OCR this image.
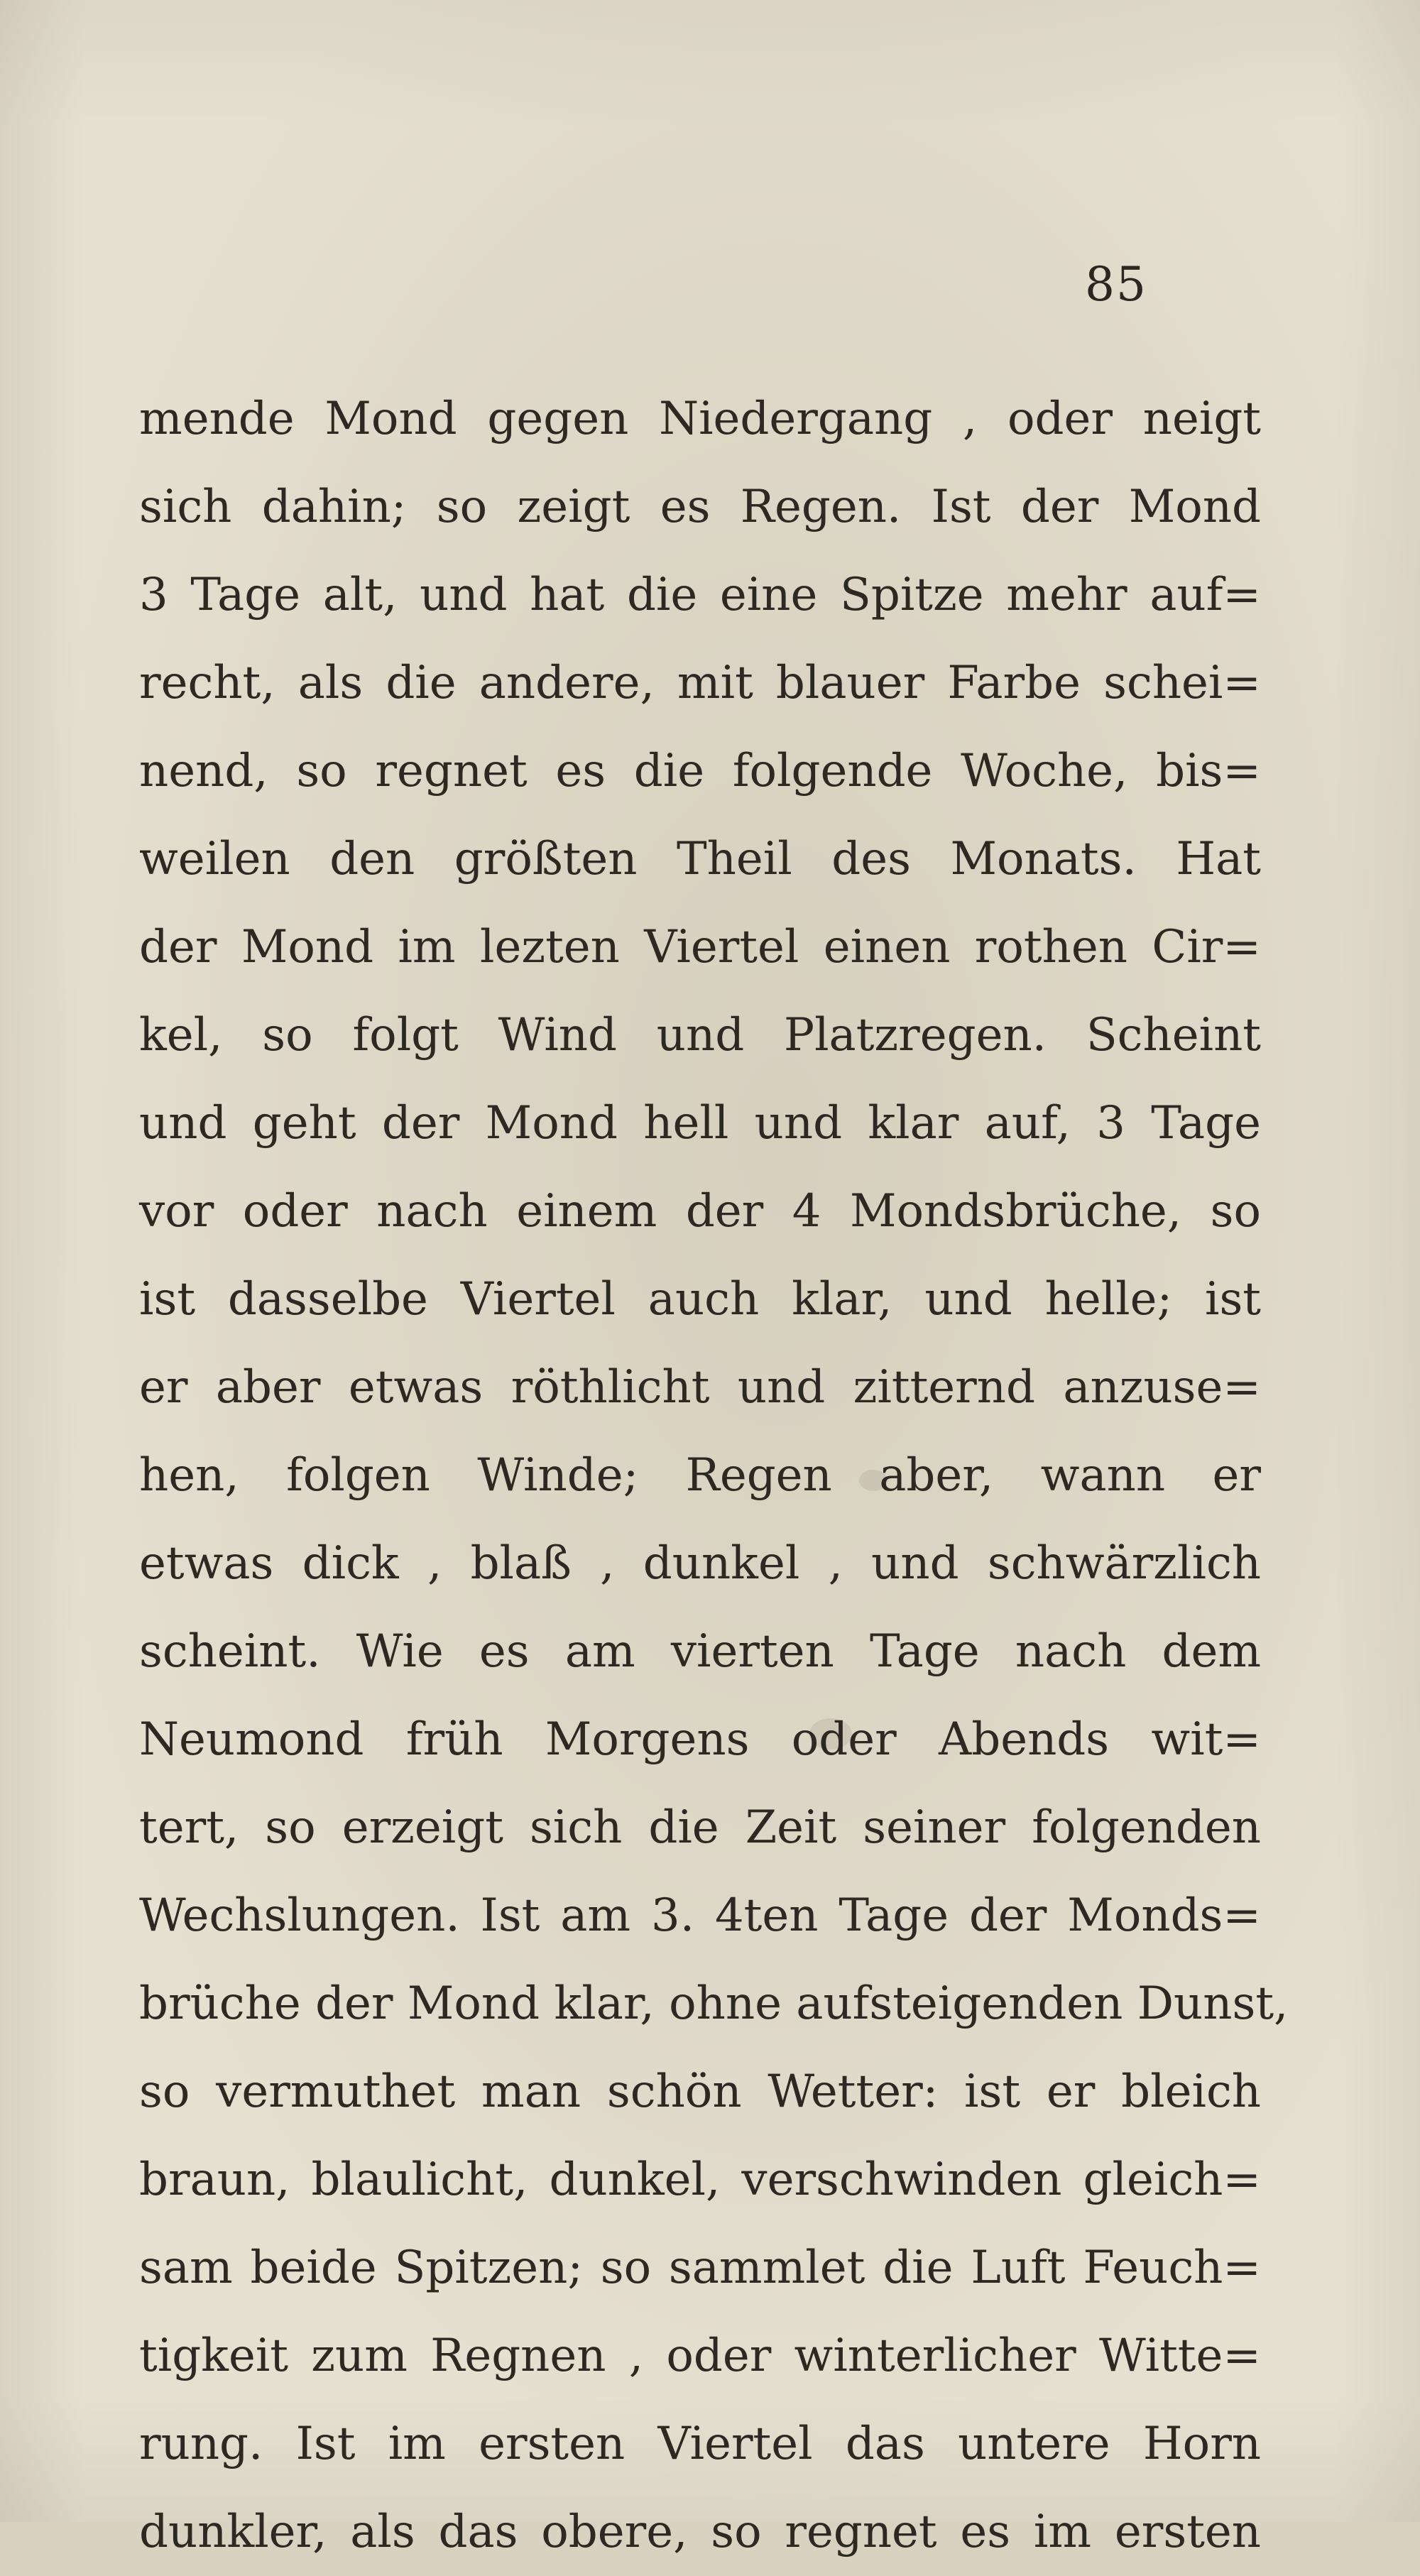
85
mende Mond gegen Niedergang , oder neigt
sich dahin; so zeigt es Regen. Ist der Mond
3 Tage alt, und hat die eine Spitze mehr auf=
recht, als die andere, mit blauer Farbe schei=
nend, so regnet es die folgende Woche, bis=
weilen den größten Theil des Monats. Hat
der Mond im lezten Viertel einen rothen Cir=
kel, so folgt Wind und Platzregen. Scheint
und geht der Mond hell und klar auf, 3 Tage
vor oder nach einem der 4 Mondsbrüche, so
ist dasselbe Viertel auch klar, und helle; ist
er aber etwas röthlicht und zitternd anzuse=
hen, folgen Winde; Regen aber, wann er
etwas dick , blaß , dunkel , und schwärzlich
scheint. Wie es am vierten Tage nach dem
Neumond früh Morgens oder Abends wit=
tert, so erzeigt sich die Zeit seiner folgenden
Wechslungen. Ist am 3. 4ten Tage der Monds=
brüche der Mond klar, ohne aufsteigenden Dunst,
so vermuthet man schön Wetter: ist er bleich
braun, blaulicht, dunkel, verschwinden gleich=
sam beide Spitzen; so sammlet die Luft Feuch=
tigkeit zum Regnen , oder winterlicher Witte=
rung. Ist im ersten Viertel das untere Horn
dunkler, als das obere, so regnet es im ersten
